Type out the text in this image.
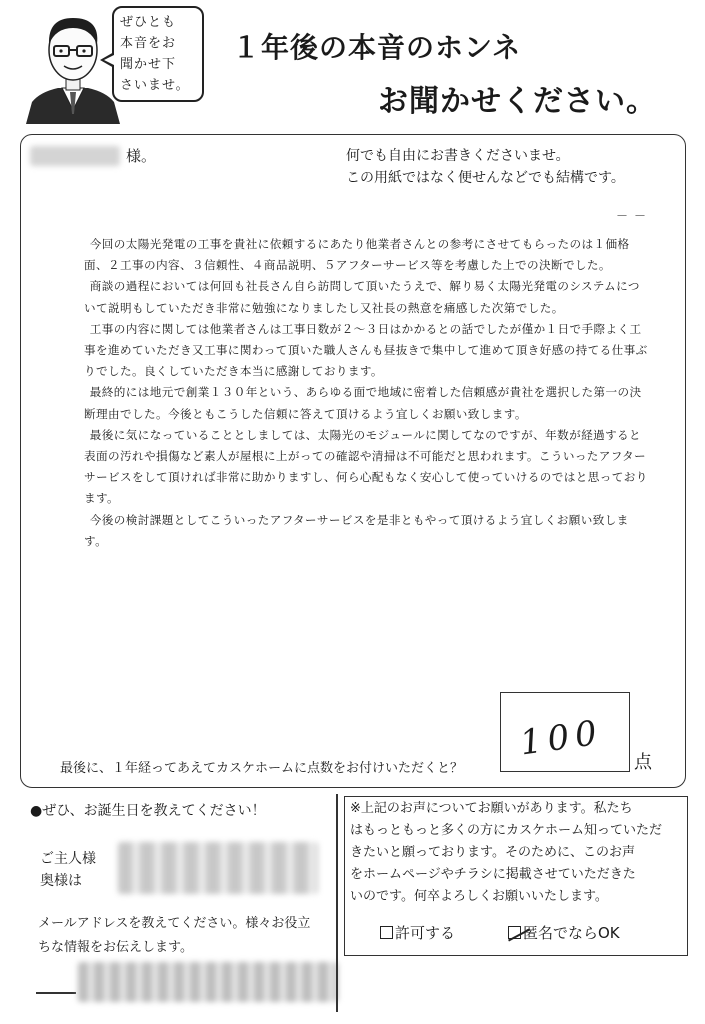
ぜひとも
本音をお
聞かせ下
さいませ。
１年後の本音のホンネ
お聞かせください。
様。	何でも自由にお書きくださいませ。
この用紙ではなく便せんなどでも結構です。
－－

今回の太陽光発電の工事を貴社に依頼するにあたり他業者さんとの参考にさせてもらったのは１価格面、２工事の内容、３信頼性、４商品説明、５アフターサービス等を考慮した上での決断でした。

商談の過程においては何回も社長さん自ら訪問して頂いたうえで、解り易く太陽光発電のシステムについて説明もしていただき非常に勉強になりましたし又社長の熱意を痛感した次第でした。

工事の内容に関しては他業者さんは工事日数が２～３日はかかるとの話でしたが僅か１日で手際よく工事を進めていただき又工事に関わって頂いた職人さんも昼抜きで集中して進めて頂き好感の持てる仕事ぶりでした。良くしていただき本当に感謝しております。

最終的には地元で創業１３０年という、あらゆる面で地域に密着した信頼感が貴社を選択した第一の決断理由でした。今後ともこうした信頼に答えて頂けるよう宜しくお願い致します。

最後に気になっていることとしましては、太陽光のモジュールに関してなのですが、年数が経過すると表面の汚れや損傷など素人が屋根に上がっての確認や清掃は不可能だと思われます。こういったアフターサービスをして頂ければ非常に助かりますし、何ら心配もなく安心して使っていけるのではと思っております。

今後の検討課題としてこういったアフターサービスを是非ともやって頂けるよう宜しくお願い致します。

最後に、１年経ってあえてカスケホームに点数をお付けいただくと？
100 点
●ぜひ、お誕生日を教えてください！
ご主人様
奥様は
メールアドレスを教えてください。様々お役立
ちな情報をお伝えします。
※上記のお声についてお願いがあります。私たち
はもっともっと多くの方にカスケホーム知っていただ
きたいと願っております。そのために、このお声
をホームページやチラシに掲載させていただきた
いのです。何卒よろしくお願いいたします。
許可する	匿名でならOK
